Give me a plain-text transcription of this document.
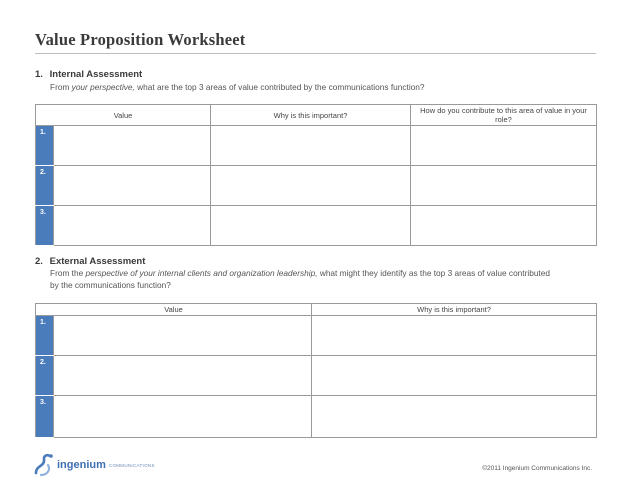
Value Proposition Worksheet
1. Internal Assessment
From your perspective, what are the top 3 areas of value contributed by the communications function?
Value		Why is this important?	How do you contribute to this area of value in your role?
1.			
2.			
3.			
2. External Assessment
From the perspective of your internal clients and organization leadership, what might they identify as the top 3 areas of value contributed by the communications function?
Value		Why is this important?
1.		
2.		
3.		
ingenium COMMUNICATIONS	©2011 Ingenium Communications Inc.
